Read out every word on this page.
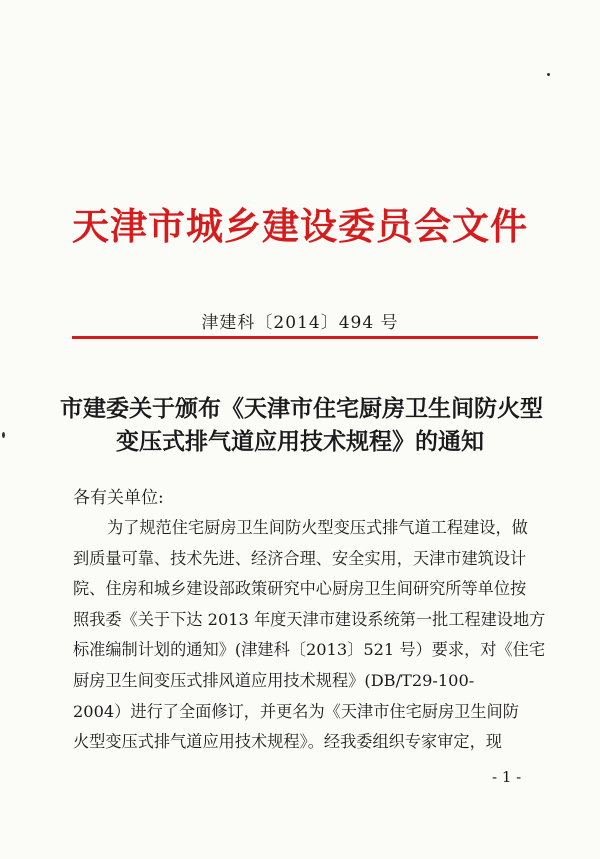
天津市城乡建设委员会文件
津建科〔2014〕494 号
市建委关于颁布《天津市住宅厨房卫生间防火型
变压式排气道应用技术规程》的通知
各有关单位:
为了规范住宅厨房卫生间防火型变压式排气道工程建设，做
到质量可靠、技术先进、经济合理、安全实用，天津市建筑设计
院、住房和城乡建设部政策研究中心厨房卫生间研究所等单位按
照我委《关于下达 2013 年度天津市建设系统第一批工程建设地方
标准编制计划的通知》(津建科〔2013〕521 号）要求，对《住宅
厨房卫生间变压式排风道应用技术规程》(DB/T29-100-
2004）进行了全面修订，并更名为《天津市住宅厨房卫生间防
火型变压式排气道应用技术规程》。经我委组织专家审定，现
- 1 -
